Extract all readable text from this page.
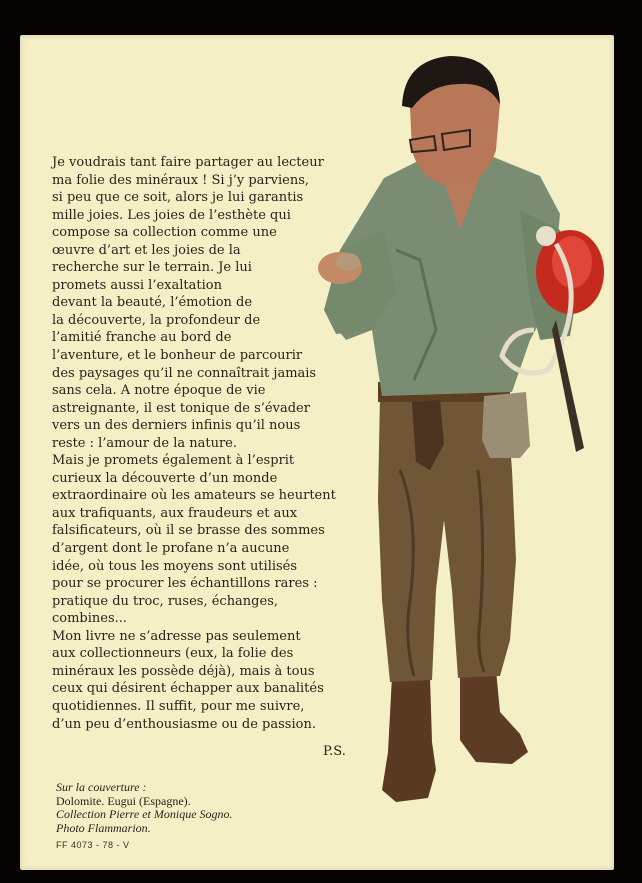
Je voudrais tant faire partager au lecteur
ma folie des minéraux ! Si j’y parviens,
si peu que ce soit, alors je lui garantis
mille joies. Les joies de l’esthète qui
compose sa collection comme une
œuvre d’art et les joies de la
recherche sur le terrain. Je lui
promets aussi l’exaltation
devant la beauté, l’émotion de
la découverte, la profondeur de
l’amitié franche au bord de
l’aventure, et le bonheur de parcourir
des paysages qu’il ne connaîtrait jamais
sans cela. A notre époque de vie
astreignante, il est tonique de s’évader
vers un des derniers infinis qu’il nous
reste : l’amour de la nature.
Mais je promets également à l’esprit
curieux la découverte d’un monde
extraordinaire où les amateurs se heurtent
aux trafiquants, aux fraudeurs et aux
falsificateurs, où il se brasse des sommes
d’argent dont le profane n’a aucune
idée, où tous les moyens sont utilisés
pour se procurer les échantillons rares :
pratique du troc, ruses, échanges,
combines...
Mon livre ne s’adresse pas seulement
aux collectionneurs (eux, la folie des
minéraux les possède déjà), mais à tous
ceux qui désirent échapper aux banalités
quotidiennes. Il suffit, pour me suivre,
d’un peu d’enthousiasme ou de passion.
P.S.
Sur la couverture :
Dolomite. Eugui (Espagne).
Collection Pierre et Monique Sogno.
Photo Flammarion.
FF 4073 - 78 - V
